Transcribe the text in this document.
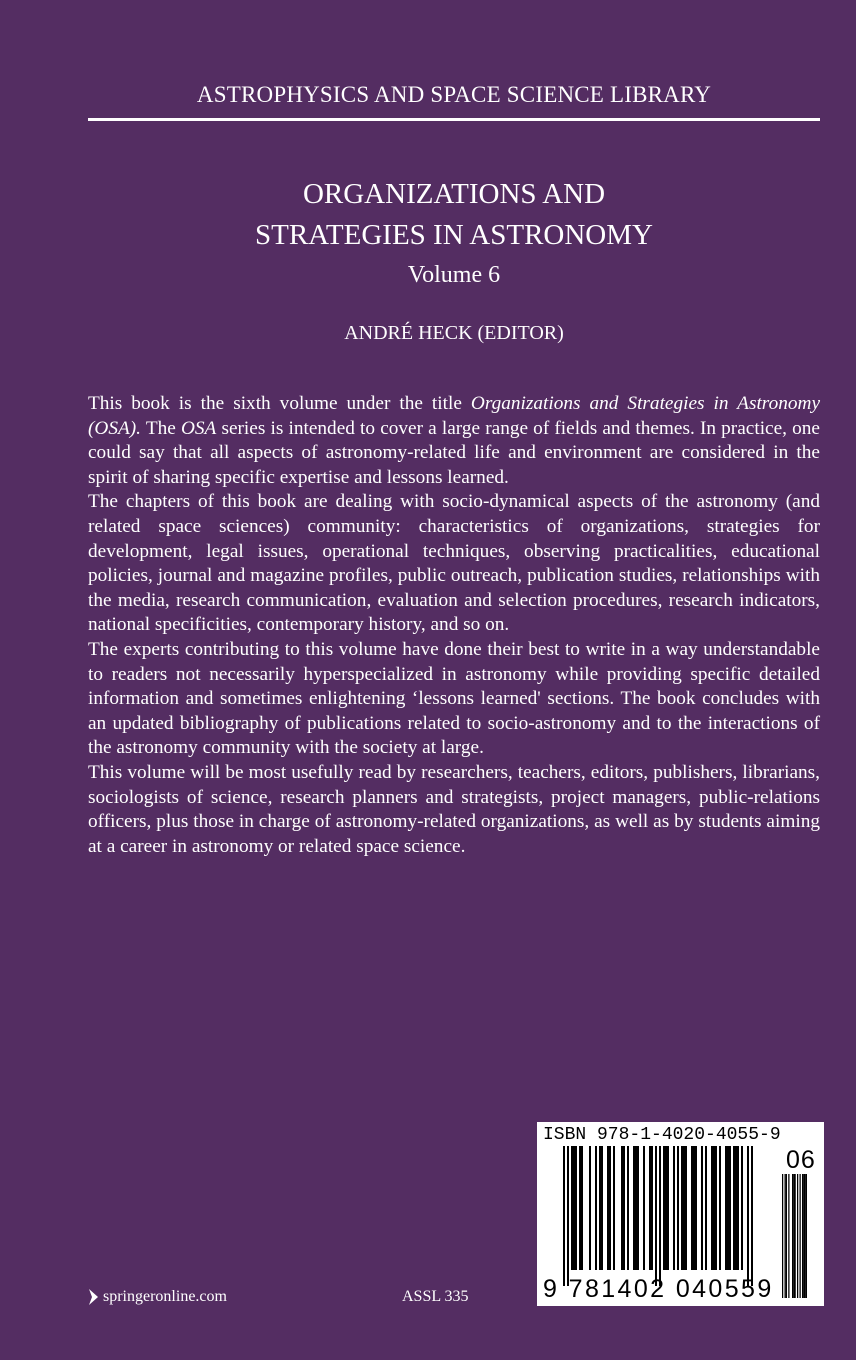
ASTROPHYSICS AND SPACE SCIENCE LIBRARY
ORGANIZATIONS AND
STRATEGIES IN ASTRONOMY
Volume 6
ANDRÉ HECK (EDITOR)

This book is the sixth volume under the title Organizations and Strategies in Astronomy (OSA). The OSA series is intended to cover a large range of fields and themes. In practice, one could say that all aspects of astronomy-related life and environment are considered in the spirit of sharing specific expertise and lessons learned.

The chapters of this book are dealing with socio-dynamical aspects of the astronomy (and related space sciences) community: characteristics of organizations, strategies for development, legal issues, operational techniques, observing practicalities, educational policies, journal and magazine profiles, public outreach, publication studies, relationships with the media, research communication, evaluation and selection procedures, research indicators, national specificities, contemporary history, and so on.

The experts contributing to this volume have done their best to write in a way understandable to readers not necessarily hyperspecialized in astronomy while providing specific detailed information and sometimes enlightening ‘lessons learned' sections. The book concludes with an updated bibliography of publications related to socio-astronomy and to the interactions of the astronomy community with the society at large.

This volume will be most usefully read by researchers, teachers, editors, publishers, librarians, sociologists of science, research planners and strategists, project managers, public-relations officers, plus those in charge of astronomy-related organizations, as well as by students aiming at a career in astronomy or related space science.

ISBN 978-1-4020-4055-9
06
9 781402 040559
springeronline.com	ASSL 335
